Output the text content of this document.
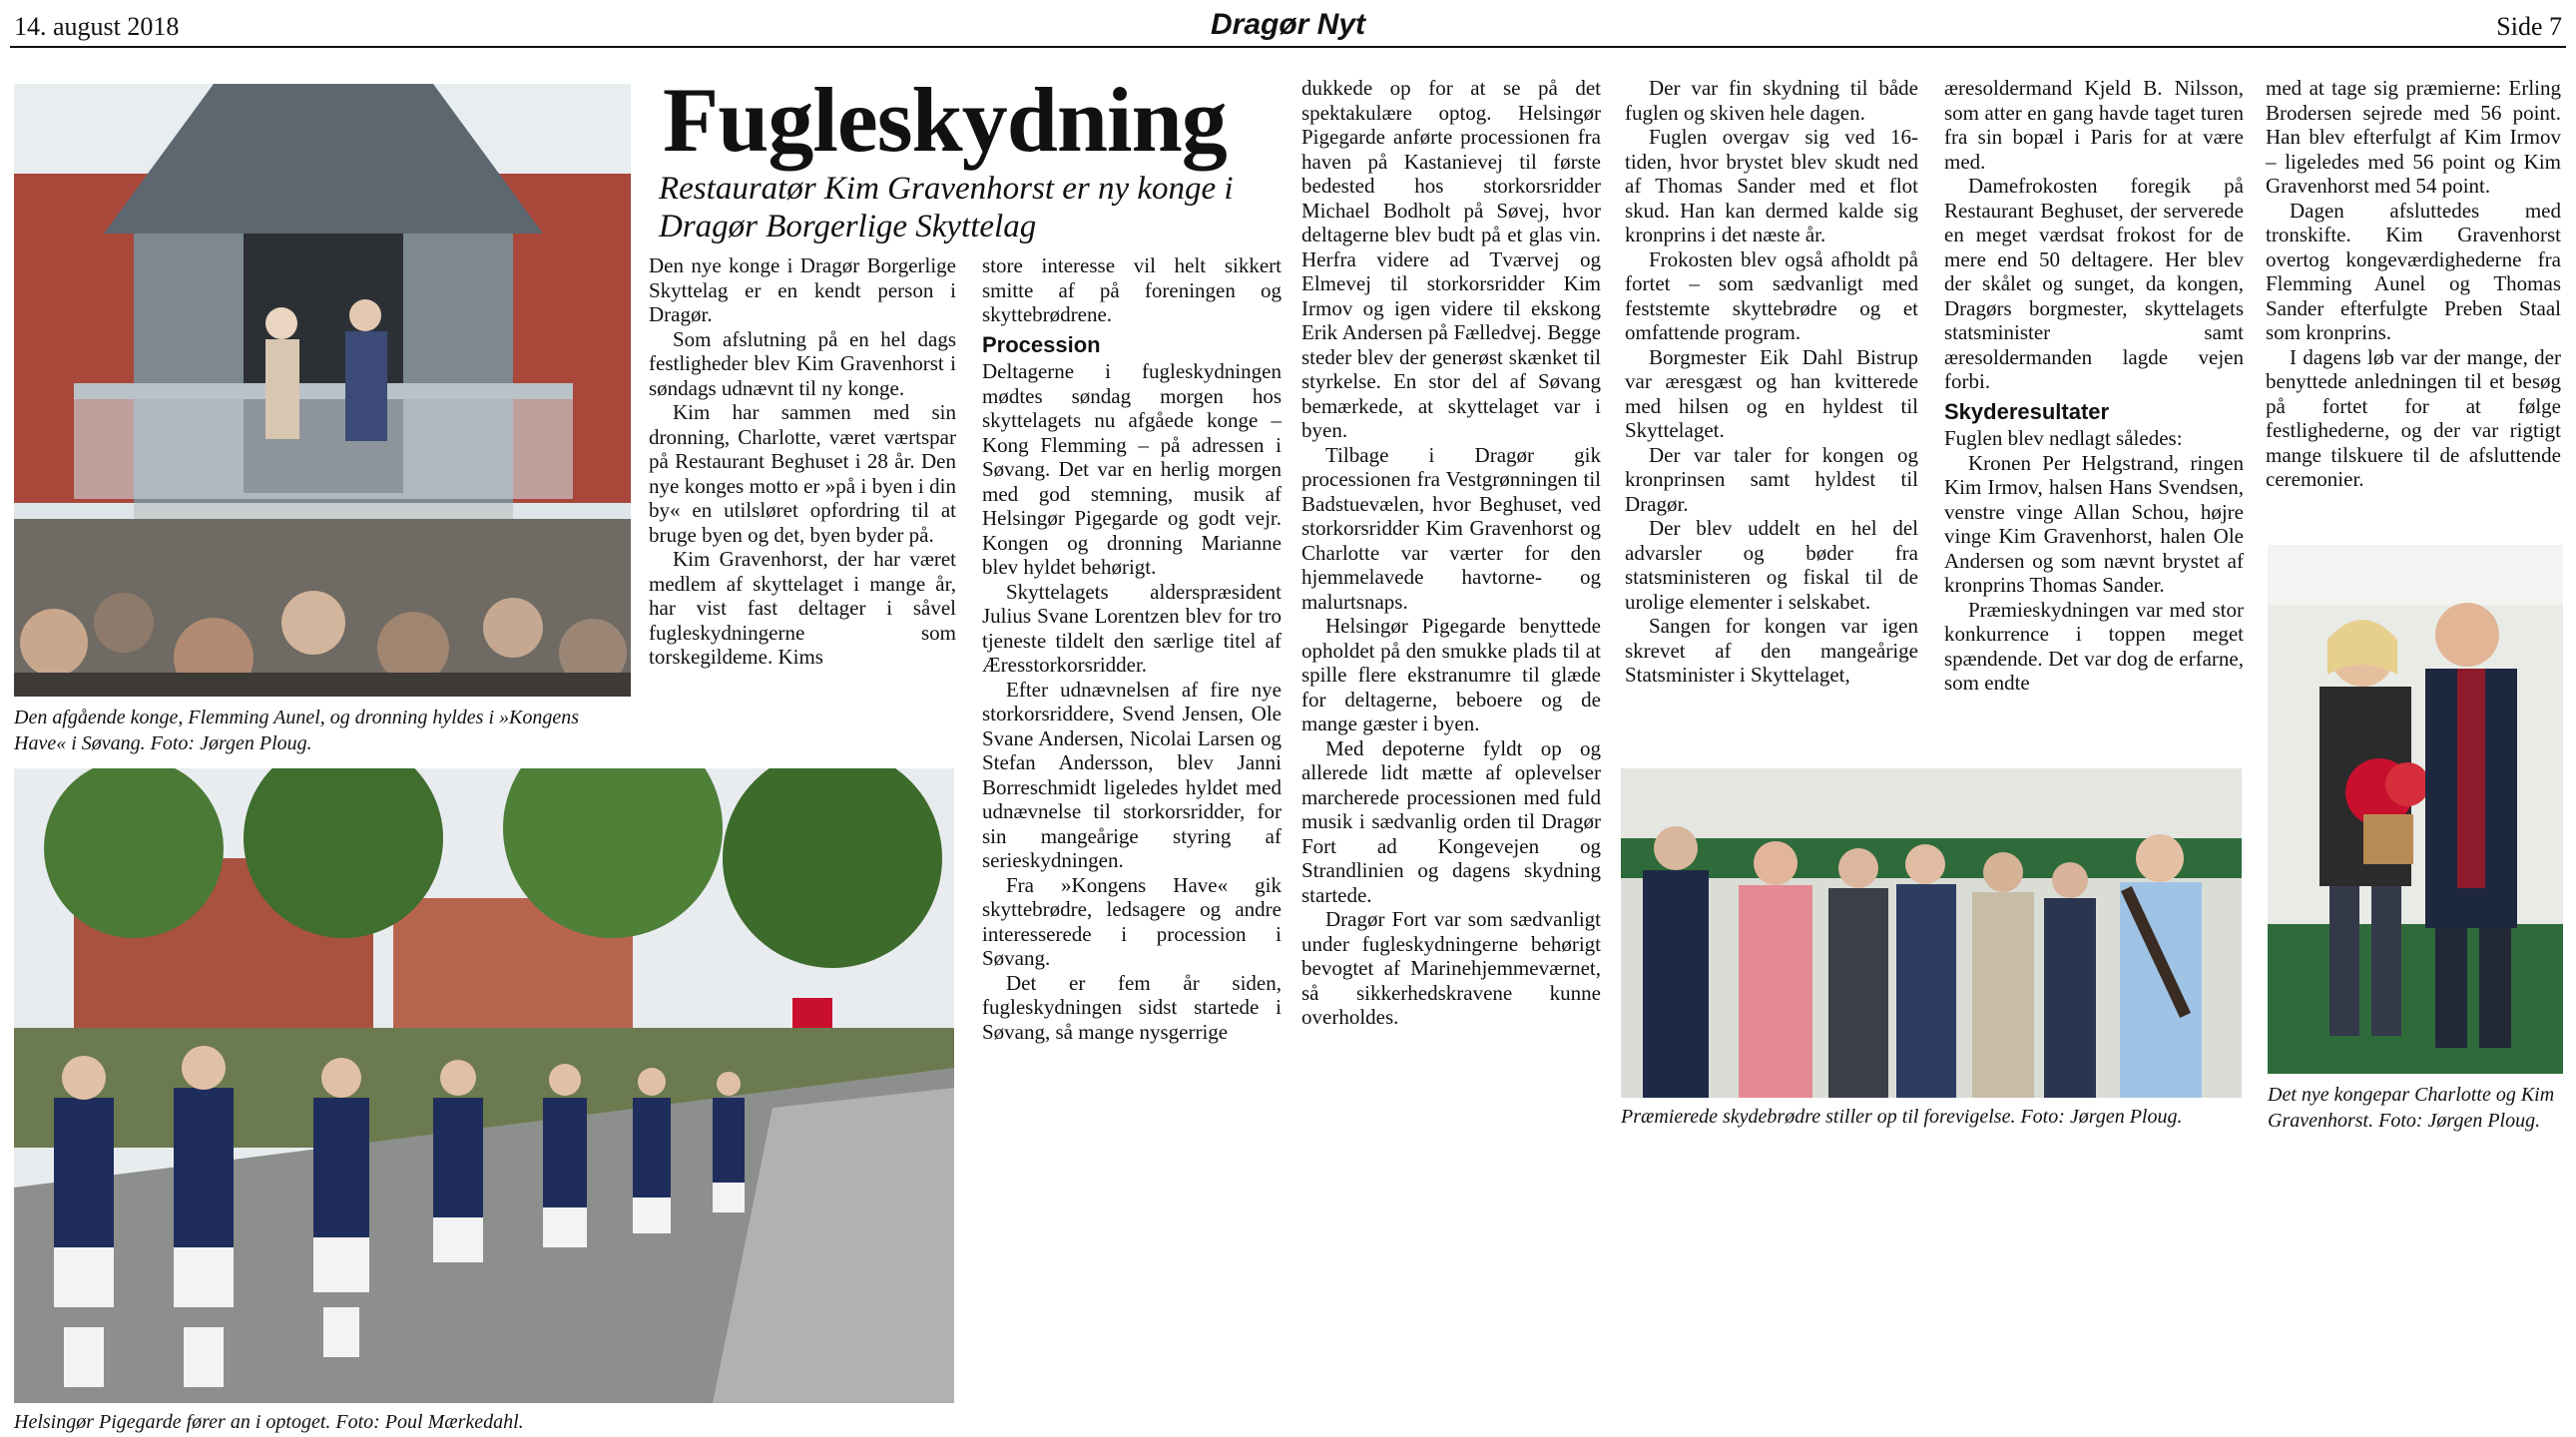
14. august 2018	Dragør Nyt	Side 7
Den afgående konge, Flemming Aunel, og dronning hyldes i »Kongens Have« i Søvang. Foto: Jørgen Ploug.
Helsingør Pigegarde fører an i optoget. Foto: Poul Mærkedahl.
Fugleskydning
Restauratør Kim Gravenhorst er ny konge i Dragør Borgerlige Skyttelag

Den nye konge i Dragør Borgerlige Skyttelag er en kendt person i Dragør.

Som afslutning på en hel dags festligheder blev Kim Gravenhorst i søndags udnævnt til ny konge.

Kim har sammen med sin dronning, Charlotte, været værtspar på Restaurant Beghuset i 28 år. Den nye konges motto er »på i byen i din by« en utilsløret opfordring til at bruge byen og det, byen byder på.

Kim Gravenhorst, der har været medlem af skyttelaget i mange år, har vist fast deltager i såvel fugleskydningerne som torskegildeme. Kims

store interesse vil helt sikkert smitte af på foreningen og skyttebrødrene.

Procession

Deltagerne i fugleskydningen mødtes søndag morgen hos skyttelagets nu afgåede konge – Kong Flemming – på adressen i Søvang. Det var en herlig morgen med god stemning, musik af Helsingør Pigegarde og godt vejr. Kongen og dronning Marianne blev hyldet behørigt.

Skyttelagets alderspræsident Julius Svane Lorentzen blev for tro tjeneste tildelt den særlige titel af Æresstorkorsridder.

Efter udnævnelsen af fire nye storkorsriddere, Svend Jensen, Ole Svane Andersen, Nicolai Larsen og Stefan Andersson, blev Janni Borreschmidt ligeledes hyldet med udnævnelse til storkorsridder, for sin mangeårige styring af serieskydningen.

Fra »Kongens Have« gik skyttebrødre, ledsagere og andre interesserede i procession i Søvang.

Det er fem år siden, fugleskydningen sidst startede i Søvang, så mange nysgerrige

dukkede op for at se på det spektakulære optog. Helsingør Pigegarde anførte processionen fra haven på Kastanievej til første bedested hos storkorsridder Michael Bodholt på Søvej, hvor deltagerne blev budt på et glas vin. Herfra videre ad Tværvej og Elmevej til storkorsridder Kim Irmov og igen videre til ekskong Erik Andersen på Fælledvej. Begge steder blev der generøst skænket til styrkelse. En stor del af Søvang bemærkede, at skyttelaget var i byen.

Tilbage i Dragør gik processionen fra Vestgrønningen til Badstuevælen, hvor Beghuset, ved storkorsridder Kim Gravenhorst og Charlotte var værter for den hjemmelavede havtorne- og malurtsnaps.

Helsingør Pigegarde benyttede opholdet på den smukke plads til at spille flere ekstranumre til glæde for deltagerne, beboere og de mange gæster i byen.

Med depoterne fyldt op og allerede lidt mætte af oplevelser marcherede processionen med fuld musik i sædvanlig orden til Dragør Fort ad Kongevejen og Strandlinien og dagens skydning startede.

Dragør Fort var som sædvanligt under fugleskydningerne behørigt bevogtet af Marinehjemmeværnet, så sikkerhedskravene kunne overholdes.

Der var fin skydning til både fuglen og skiven hele dagen.

Fuglen overgav sig ved 16-tiden, hvor brystet blev skudt ned af Thomas Sander med et flot skud. Han kan dermed kalde sig kronprins i det næste år.

Frokosten blev også afholdt på fortet – som sædvanligt med feststemte skyttebrødre og et omfattende program.

Borgmester Eik Dahl Bistrup var æresgæst og han kvitterede med hilsen og en hyldest til Skyttelaget.

Der var taler for kongen og kronprinsen samt hyldest til Dragør.

Der blev uddelt en hel del advarsler og bøder fra statsministeren og fiskal til de urolige elementer i selskabet.

Sangen for kongen var igen skrevet af den mangeårige Statsminister i Skyttelaget,

æresoldermand Kjeld B. Nilsson, som atter en gang havde taget turen fra sin bopæl i Paris for at være med.

Damefrokosten foregik på Restaurant Beghuset, der serverede en meget værdsat frokost for de mere end 50 deltagere. Her blev der skålet og sunget, da kongen, Dragørs borgmester, skyttelagets statsminister samt æresoldermanden lagde vejen forbi.

Skyderesultater

Fuglen blev nedlagt således:

Kronen Per Helgstrand, ringen Kim Irmov, halsen Hans Svendsen, venstre vinge Allan Schou, højre vinge Kim Gravenhorst, halen Ole Andersen og som nævnt brystet af kronprins Thomas Sander.

Præmieskydningen var med stor konkurrence i toppen meget spændende. Det var dog de erfarne, som endte

med at tage sig præmierne: Erling Brodersen sejrede med 56 point. Han blev efterfulgt af Kim Irmov – ligeledes med 56 point og Kim Gravenhorst med 54 point.

Dagen afsluttedes med tronskifte. Kim Gravenhorst overtog kongeværdighederne fra Flemming Aunel og Thomas Sander efterfulgte Preben Staal som kronprins.

I dagens løb var der mange, der benyttede anledningen til et besøg på fortet for at følge festlighederne, og der var rigtigt mange tilskuere til de afsluttende ceremonier.

Præmierede skydebrødre stiller op til forevigelse. Foto: Jørgen Ploug.
Det nye kongepar Charlotte og Kim Gravenhorst. Foto: Jørgen Ploug.
